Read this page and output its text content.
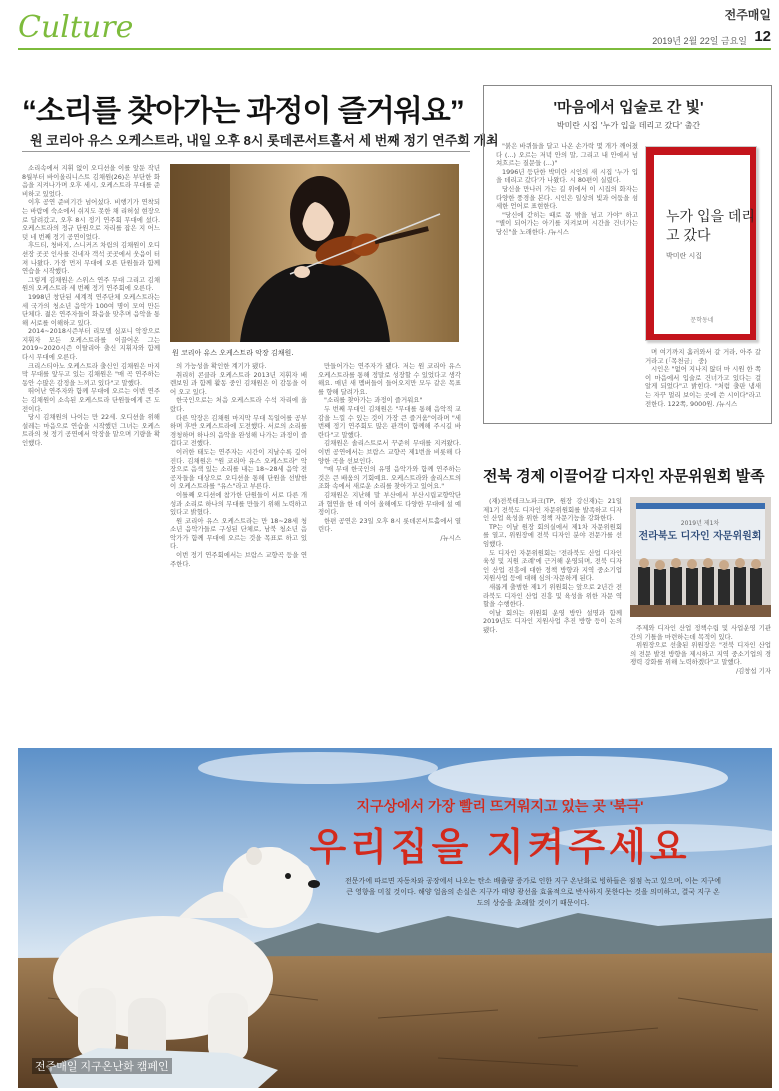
Culture	전주매일
2019년 2월 22일 금요일 12
“소리를 찾아가는 과정이 즐거워요”
원 코리아 유스 오케스트라, 내일 오후 8시 롯데콘서트홀서 세 번째 정기 연주회 개최

소리속에서 지휘 없이 오디션을 이를 앞둔 작년 8월부터 바이올리니스트 김채원(26)은 부단한 화음을 지켜나가며 오후 세시, 오케스트라 무대를 준비하고 있었다.

이후 공연 준비기간 넘어섰다. 비행기가 연착되는 바람에 숙소에서 쉬지도 못한 채 리허설 현장으로 달려갔고, 오후 8시 정기 연주회 무대에 섰다. 오케스트라의 정규 단원으로 자리를 잡은 지 어느덧 네 번째 정기 공연이었다.

후드티, 청바지, 스니커즈 차림의 김채원이 오디션장 곳곳 인사를 건네자 객석 곳곳에서 웃음이 터져 나왔다. 가장 먼저 무대에 오른 단원들과 함께 연습을 시작했다.

그렇게 김채원은 스위스 연주 무대 그리고 김채원의 오케스트라 세 번째 정기 연주회에 오른다.

1998년 창단된 세계적 연주단체 오케스트라는 세 국가의 청소년 음악가 100여 명이 모여 만든 단체다. 젊은 연주자들이 화음을 맞추며 음악을 통해 서로를 이해하고 있다.

2014~2018시즌부터 리모델 심포니 악장으로 지휘자 모든 오케스트라를 이끌어온 그는 2019~2020시즌 이탈리아 출신 지휘자와 함께 다시 무대에 오른다.

크리스티아노 오케스트라 출신인 김채원은 마지막 무대를 앞두고 있는 김채원은 "매 곡 연주하는 동안 수많은 감정을 느끼고 있다"고 말했다.

뛰어난 연주자와 함께 무대에 오르는 이번 연주는 김채원이 소속된 오케스트라 단원들에게 큰 도전이다.

당시 김채원의 나이는 만 22세. 오디션을 위해 설레는 마음으로 연습을 시작했던 그녀는 오케스트라의 첫 정기 공연에서 악장을 맡으며 기량을 확인했다.

원 코리아 유스 오케스트라 악장 김채원.

의 가능성을 확인한 계기가 됐다.

취리히 콘클라 오케스트라 2013년 지휘자 배렌보임 과 함께 활동 중인 김채원은 이 감동을 이어 오고 있다.

한국인으로는 처음 오케스트라 수석 자리에 올랐다.

다른 악장은 김채원 마지막 무대 독일어를 공부하며 후반 오케스트라에 도전했다. 서로의 소리를 경청하며 하나의 음악을 완성해 나가는 과정이 즐겁다고 전했다.

이러한 태도는 연주자는 시간이 지날수록 깊어진다. 김채원은 "원 코리아 유스 오케스트라" 악장으로 음색 있는 소리를 내는 18~28세 음악 전공자들을 대상으로 오디션을 통해 단원을 선발한 이 오케스트라를 "유스"라고 부른다.

이틀째 오디션에 참가한 단원들이 서로 다른 개성과 소리로 하나의 무대를 만들기 위해 노력하고 있다고 밝혔다.

원 코리아 유스 오케스트라는 만 18~28세 청소년 음악가들로 구성된 단체로, 남북 청소년 음악가가 함께 무대에 오르는 것을 목표로 하고 있다.

이번 정기 연주회에서는 브람스 교향곡 등을 연주한다.

만들어가는 연주자가 됐다. 저는 원 코리아 유스 오케스트라를 통해 정말로 성장할 수 있었다고 생각해요. 매년 새 멤버들이 들어오지만 모두 같은 목표를 향해 달려가요.

"소리를 찾아가는 과정이 즐거워요"

두 번째 무대인 김채원은 "무대를 통해 음악적 교감을 느낄 수 있는 것이 가장 큰 즐거움"이라며 "세 번째 정기 연주회도 많은 관객이 함께해 주시길 바란다"고 말했다.

김채원은 솔리스트로서 꾸준히 무대를 지켜왔다. 이번 공연에서는 브람스 교향곡 제1번을 비롯해 다양한 곡을 선보인다.

"매 무대 한국인의 유명 음악가와 함께 연주하는 것은 큰 배움의 기회예요. 오케스트라와 솔리스트의 조화 속에서 새로운 소리를 찾아가고 있어요."

김채원은 지난해 말 부산에서 부산시립교향악단과 협연을 한 데 이어 올해에도 다양한 무대에 설 예정이다.

한편 공연은 23일 오후 8시 롯데콘서트홀에서 열린다.

/뉴시스

'마음에서 입술로 간 빛'
박미란 시집 '누가 입을 데리고 갔다' 출간

"붉은 바퀴들을 달고 나온 손가락 몇 개가 깨어졌다 (...) 오르는 저녁 안의 말, 그리고 내 안에서 넘쳐흐르는 질문들 (...)"

1996년 등단한 박미란 시인의 새 시집 '누가 입을 데리고 갔다'가 나왔다. 시 80편이 실렸다.

당신을 만나러 가는 길 위에서 이 시집의 화자는 다양한 풍경을 본다. 시인은 일상의 빛과 어둠을 섬세한 언어로 표현한다.

"당신에 갇히는 때로 몸 밖을 넘고 가야" 하고 "별이 되어가는 아기를 지켜보며 시간을 건너가는 당신"을 노래한다. /뉴시스

누가 입을 데리고 갔다
박미란 시집
문학동네

며 여기까지 흘러와서 갈 거라, 아주 갈 거라고 (「목천금」 중)

시인은 "없어 지나지 않더 마 시원 한 쪽이 마음에서 입술로 건너가고 있다는 걸 알게 되었다"고 밝힌다. "처럼 출판 냄새는 자꾸 멀리 보이는 곳에 쓴 시이다"라고 전한다. 122쪽, 9000원. /뉴시스

전북 경제 이끌어갈 디자인 자문위원회 발족

(재)전북테크노파크(TP, 원장 강신재)는 21일 제1기 전북도 디자인 자문위원회를 발족하고 디자인 산업 육성을 위한 정책 자문기능을 강화한다.

TP는 이날 원장 회의실에서 제1차 자문위원회를 열고, 위원장에 전북 디자인 분야 전문가를 선임했다.

도 디자인 자문위원회는 '전라북도 산업 디자인 육성 및 지원 조례'에 근거해 운영되며, 전북 디자인 산업 진흥에 대한 정책 방향과 지역 중소기업 지원사업 등에 대해 심의·자문하게 된다.

새롭게 출범한 제1기 위원회는 앞으로 2년간 전라북도 디자인 산업 진흥 및 육성을 위한 자문 역할을 수행한다.

이날 회의는 위원회 운영 방안 설명과 함께 2019년도 디자인 지원사업 추진 방향 등이 논의됐다.

2019년 제1차
전라북도 디자인 자문위원회

주제와 디자인 산업 정책수립 및 사업운영 기관 간의 기틀을 마련하는데 목적이 있다.

위원장으로 선출된 위원장은 "전북 디자인 산업의 전문 발전 방향을 제시하고 지역 중소기업의 경쟁력 강화를 위해 노력하겠다"고 말했다.

/김창섭 기자

지구상에서 가장 빨리 뜨거워지고 있는 곳 '북극'
우리집을 지켜주세요
전문가에 따르면 자동차와 공장에서 나오는 탄소 배출량 증가로 인한 지구 온난화로 빙하들은 점점 녹고 있으며, 이는 지구에 큰 영향을 미칠 것이다. 해양 얼음의 손실은 지구가 태양 광선을 효율적으로 반사하지 못한다는 것을 의미하고, 결국 지구 온도의 상승을 초래할 것이기 때문이다.
전주매일 지구온난화 캠페인
